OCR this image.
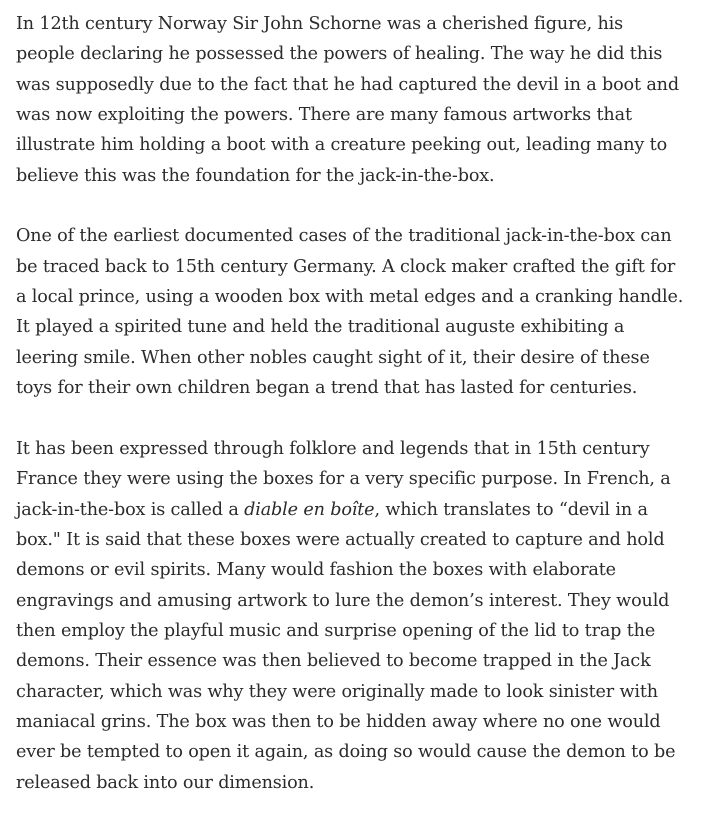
In 12th century Norway Sir John Schorne was a cherished figure, his people declaring he possessed the powers of healing. The way he did this was supposedly due to the fact that he had captured the devil in a boot and was now exploiting the powers. There are many famous artworks that illustrate him holding a boot with a creature peeking out, leading many to believe this was the foundation for the jack-in-the-box.

One of the earliest documented cases of the traditional jack-in-the-box can be traced back to 15th century Germany. A clock maker crafted the gift for a local prince, using a wooden box with metal edges and a cranking handle. It played a spirited tune and held the traditional auguste exhibiting a leering smile. When other nobles caught sight of it, their desire of these toys for their own children began a trend that has lasted for centuries.

It has been expressed through folklore and legends that in 15th century France they were using the boxes for a very specific purpose. In French, a jack-in-the-box is called a diable en boîte, which translates to “devil in a box." It is said that these boxes were actually created to capture and hold demons or evil spirits. Many would fashion the boxes with elaborate engravings and amusing artwork to lure the demon’s interest. They would then employ the playful music and surprise opening of the lid to trap the demons. Their essence was then believed to become trapped in the Jack character, which was why they were originally made to look sinister with maniacal grins. The box was then to be hidden away where no one would ever be tempted to open it again, as doing so would cause the demon to be released back into our dimension.
